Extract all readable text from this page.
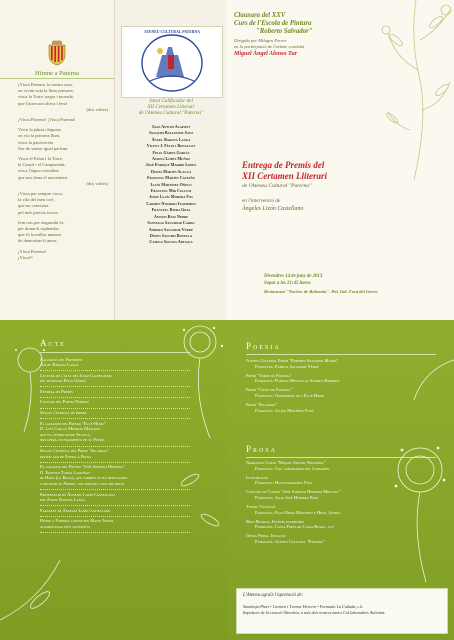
Himne a Paterna
¡Visca Paterna, la nostra casa,
on vivim sota la llum primera,
visca la Torre, negra i morada,
que l'aixecava altiva i fera!
(dos voltes)
¡Visca Paterna! ¡Visca Paterna!
Visca la pàtria chiqueta
on viu la primera llum,
visca la patorrereta
flor de sentor igual perfum.
Visca el Palau i la Torre,
la Canyà i el Campament;
visca l'aigua cristalina
que nos dona el naixement.
(dos voltes)
¡Visca per sempre visca,
la vila del meu cor!,
que no canviaria
pel més preciat tresor;
fem tots per engrandir-la,
per donar-li esplendor,
que és la millor manera
de demostrar-li amor.
¡Visca Paterna!
¡Visca!!
ATENEU CULTURAL PATERNA
Jurat Calificador del
XII Certamen Lliterari
de l'Ateneu Cultural "Paterna"
Joan Antoni Alapont
Joaquim Ballester Sanz
Àngel Barona Langa
Vicent J. Fèlix i Bonaclot
Fèlix Gàmez García
Aurelí López Muñoz
José Enrique Madrid López
Dones Martín Alacua
Francesc Martín Castaño
Lluís Martínez Oñeco
Francesc Mir Cullum
Josep Lluís Morera Fos
Carmen Navarro Izquierdo
Francesc Riera Gras
Antoni Ruiz Nebre
Santiago Salvador Cardo
Amparo Salvador Verdú
Dones Sanchis Botella
Camilo Soloza Artiaga
Clausura del XXV
Curs de l'Escola de Pintura
"Roberto Salvador"
Dirigida per Milagro Ferrer
en la participació de l'artiste convidat
Miguel Àngel Alonso Tur
Entrega de Premis del
XII Certamen Lliterari
de l'Ateneu Cultural "Paterna"
en l'intervenció de
Àngeles Lizón Castellano
Divendres 14 de juny de 2013
Sopar a les 21:45 hores.
Restaurant "Noches de Bohemia". Pol. Ind. Font del Gerro.
Acte
Salutació del President
Àngel Barona Langa
Lectura de l'acta del Jurat Calificador
pel secretari Fèlix Gàmez
Entrega de Premis
Lectura del Poema Premiat
Seguix l'entrega de premis
El ganador del Premio "Ecce-Homo"
D. Luis Carlos Mendias Márquez
que ha venido desde Sevilla,
nos leerá un fragmento de su Poema
Seguix l'entrega del Premi "Socarrat"
passem ara de Poesia a Prosa
El ganador del Premio "José Alberto Herrero"
D. Ernesto Tomàs Landiñas
de Haro (la Rioja), que también se ha desplazado
a recoger su Premio, nos dirigirà unas palabras
Presentació de Àngeles Lizón Castellano
per Àngel Barona Langa
Paraules de Àngeles Lizón Castellano
Himne a Paterna cantat per Maite Asensi
acompanyada pels assistents
Poesia
Ateneu Cultural Premi "Roberto Salvador Moros"
Patrocina: Família Salvador-Verdú
Premi "Torre de Paterna"
Patrocina: Puertas Metálicas Andreu-Barberà
Premi "Coves de Paterna"
Patrocina: Germandat de l'Ecce-Homo
Premi "Socarrat"
Patrocina: Julián Martínez Font
Prosa
Narrativa Curta "Miquel Adlert Noguerol"
Patrocina: Col·laboradors del Certamen
Investigació
Patrocina: Huecograbados Fina
Concurs de Contes "José Alberto Herrero Minguet"
Patrocina: Julio José Herrero Pons
Teatre Valencià
Patrocina: Paco Riera Martínez e Hijos, Joyers.
Reto Blanco, Jóvenes escritores
Patrocina: Caixa Popular-Caixa Rural, ccv
Òpera Prima. Iniciació
Patrocina: Ateneu Cultural "Paterna"
L'Ateneu agraïx l'aportació de:
Sanahuja-Pinet • Carmen i Tvonne Herrero • Formatia La Cañada, c.b.
Impulsors de la creació lliterària, a més dels nostres amics Col·laboradors Anònims.
